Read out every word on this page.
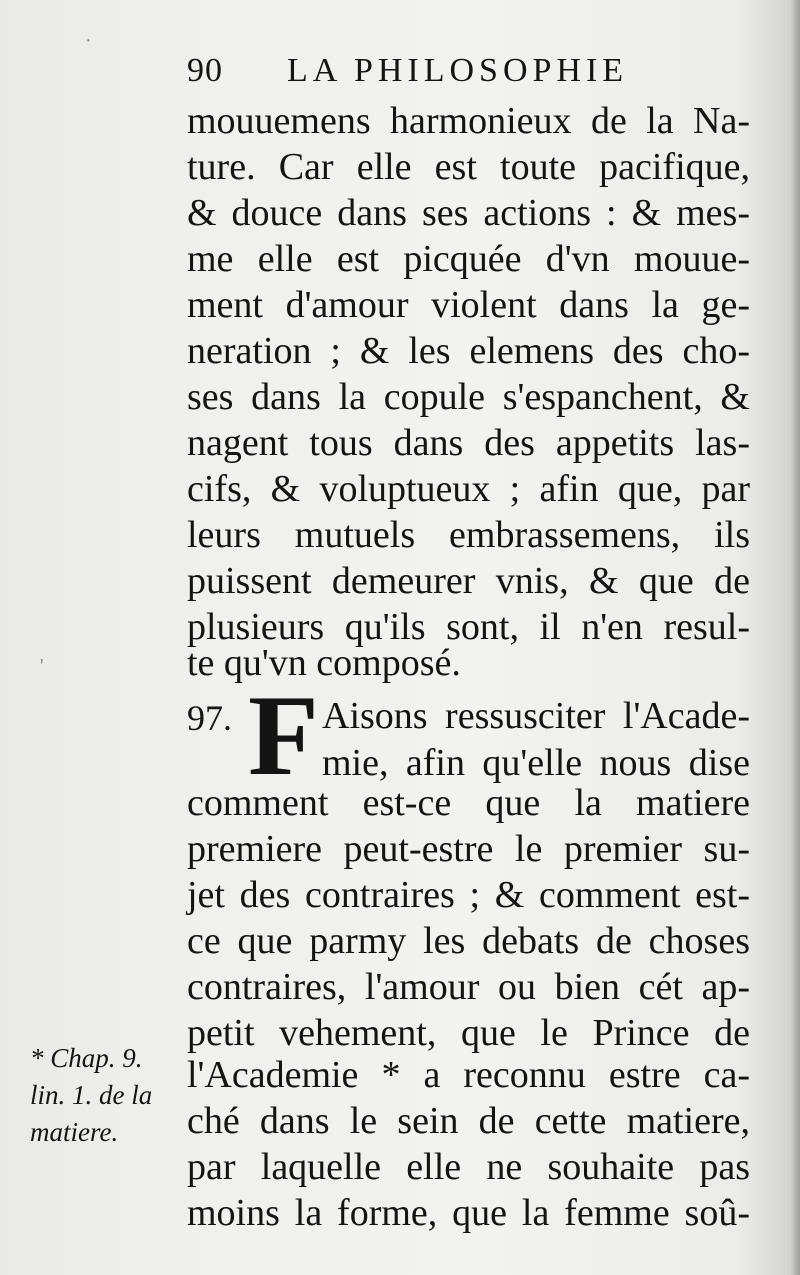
90 LA PHILOSOPHIE
mouuemens harmonieux de la Na-
ture. Car elle est toute pacifique,
& douce dans ses actions : & mes-
me elle est picquée d'vn mouue-
ment d'amour violent dans la ge-
neration ; & les elemens des cho-
ses dans la copule s'espanchent, &
nagent tous dans des appetits las-
cifs, & voluptueux ; afin que, par
leurs mutuels embrassemens, ils
puissent demeurer vnis, & que de
plusieurs qu'ils sont, il n'en resul-
te qu'vn composé.
97. F Aisons ressusciter l'Acade-
mie, afin qu'elle nous dise
comment est-ce que la matiere
premiere peut-estre le premier su-
jet des contraires ; & comment est-
ce que parmy les debats de choses
contraires, l'amour ou bien cét ap-
petit vehement, que le Prince de
l'Academie * a reconnu estre ca-
ché dans le sein de cette matiere,
par laquelle elle ne souhaite pas
moins la forme, que la femme soû-
* Chap. 9.
lin. 1. de la
matiere.
'
·
